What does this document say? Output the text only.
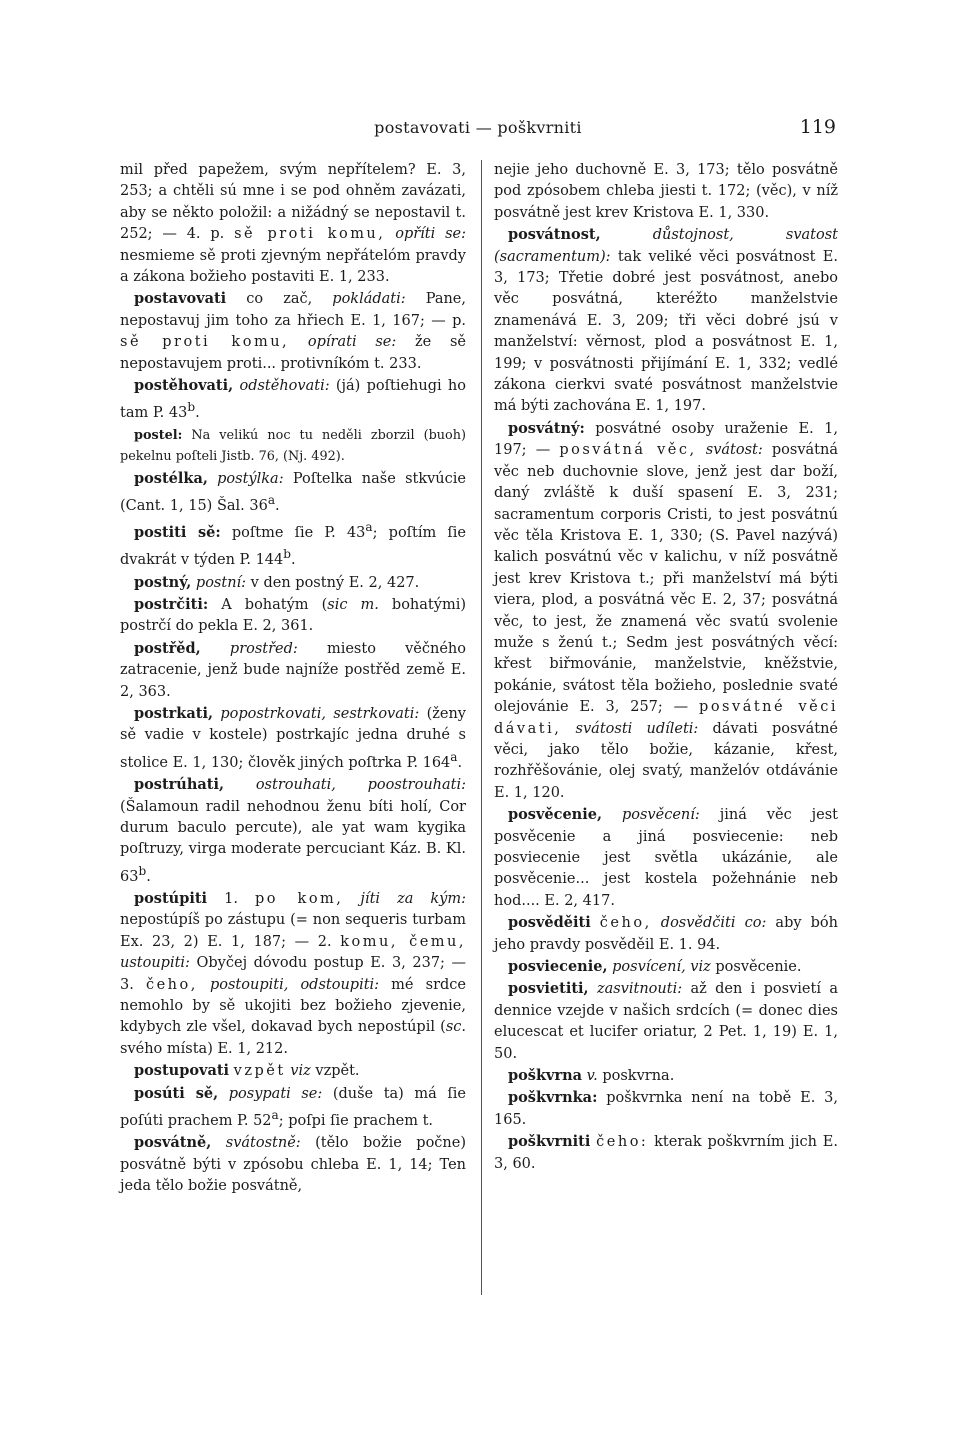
postavovati — poškvrniti	119

mil před papežem, svým nepřítelem? E. 3, 253; a chtěli sú mne i se pod ohněm zavázati, aby se někto položil: a nižádný se nepostavil t. 252; — 4. p. sě proti komu, opříti se: nesmieme sě proti zjevným nepřátelóm pravdy a zákona božieho postaviti E. 1, 233.

postavovati co zač, pokládati: Pane, nepostavuj jim toho za hřiech E. 1, 167; — p. sě proti komu, opírati se: že sě nepostavujem proti... protivníkóm t. 233.

postěhovati, odstěhovati: (já) poſtiehugi ho tam P. 43$^b$.

postel: Na velikú noc tu neděli zborzil (buoh) pekelnu poſteli Jistb. 76, (Nj. 492).

postélka, postýlka: Poſtelka naše stkvúcie (Cant. 1, 15) Šal. 36$^a$.

postiti sě: poſtme ſie P. 43$^a$; poſtím ſie dvakrát v týden P. 144$^b$.

postný, postní: v den postný E. 2, 427.

postrčiti: A bohatým (sic m. bohatými) postrčí do pekla E. 2, 361.

postřěd, prostřed: miesto věčného zatracenie, jenž bude najníže postřěd země E. 2, 363.

postrkati, popostrkovati, sestrkovati: (ženy sě vadie v kostele) postrkajíc jedna druhé s stolice E. 1, 130; člověk jiných poſtrka P. 164$^a$.

postrúhati, ostrouhati, poostrouhati: (Šalamoun radil nehodnou ženu bíti holí, Cor durum baculo percute), ale yat wam kygika poſtruzy, virga moderate percuciant Káz. B. Kl. 63$^b$.

postúpiti 1. po kom, jíti za kým: nepostúpíš po zástupu (= non sequeris turbam Ex. 23, 2) E. 1, 187; — 2. komu, čemu, ustoupiti: Obyčej dóvodu postup E. 3, 237; — 3. čeho, postoupiti, odstoupiti: mé srdce nemohlo by sě ukojiti bez božieho zjevenie, kdybych zle všel, dokavad bych nepostúpil (sc. svého místa) E. 1, 212.

postupovati vzpět viz vzpět.

posúti sě, posypati se: (duše ta) má ſie poſúti prachem P. 52$^a$; poſpi ſie prachem t.

posvátně, svátostně: (tělo božie počne) posvátně býti v zpósobu chleba E. 1, 14; Ten jeda tělo božie posvátně,

nejie jeho duchovně E. 3, 173; tělo posvátně pod zpósobem chleba jiesti t. 172; (věc), v níž posvátně jest krev Kristova E. 1, 330.

posvátnost, důstojnost, svatost (sacramentum): tak veliké věci posvátnost E. 3, 173; Třetie dobré jest posvátnost, anebo věc posvátná, kteréžto manželstvie znamenává E. 3, 209; tři věci dobré jsú v manželství: věrnost, plod a posvátnost E. 1, 199; v posvátnosti přijímání E. 1, 332; vedlé zákona cierkvi svaté posvátnost manželstvie má býti zachována E. 1, 197.

posvátný: posvátné osoby uraženie E. 1, 197; — posvátná věc, svátost: posvátná věc neb duchovnie slove, jenž jest dar boží, daný zvláště k duší spasení E. 3, 231; sacramentum corporis Cristi, to jest posvátnú věc těla Kristova E. 1, 330; (S. Pavel nazývá) kalich posvátnú věc v kalichu, v níž posvátně jest krev Kristova t.; při manželství má býti viera, plod, a posvátná věc E. 2, 37; posvátná věc, to jest, že znamená věc svatú svolenie muže s ženú t.; Sedm jest posvátných věcí: křest biřmovánie, manželstvie, kněžstvie, pokánie, svátost těla božieho, poslednie svaté olejovánie E. 3, 257; — posvátné věci dávati, svátosti udíleti: dávati posvátné věci, jako tělo božie, kázanie, křest, rozhřěšovánie, olej svatý, manželóv otdávánie E. 1, 120.

posvěcenie, posvěcení: jiná věc jest posvěcenie a jiná posviecenie: neb posviecenie jest světla ukázánie, ale posvěcenie... jest kostela požehnánie neb hod.... E. 2, 417.

posvěděiti čeho, dosvědčiti co: aby bóh jeho pravdy posvěděil E. 1. 94.

posviecenie, posvícení, viz posvěcenie.

posvietiti, zasvitnouti: až den i posvietí a dennice vzejde v našich srdcích (= donec dies elucescat et lucifer oriatur, 2 Pet. 1, 19) E. 1, 50.

poškvrna v. poskvrna.

poškvrnka: poškvrnka není na tobě E. 3, 165.

poškvrniti čeho: kterak poškvrním jich E. 3, 60.
